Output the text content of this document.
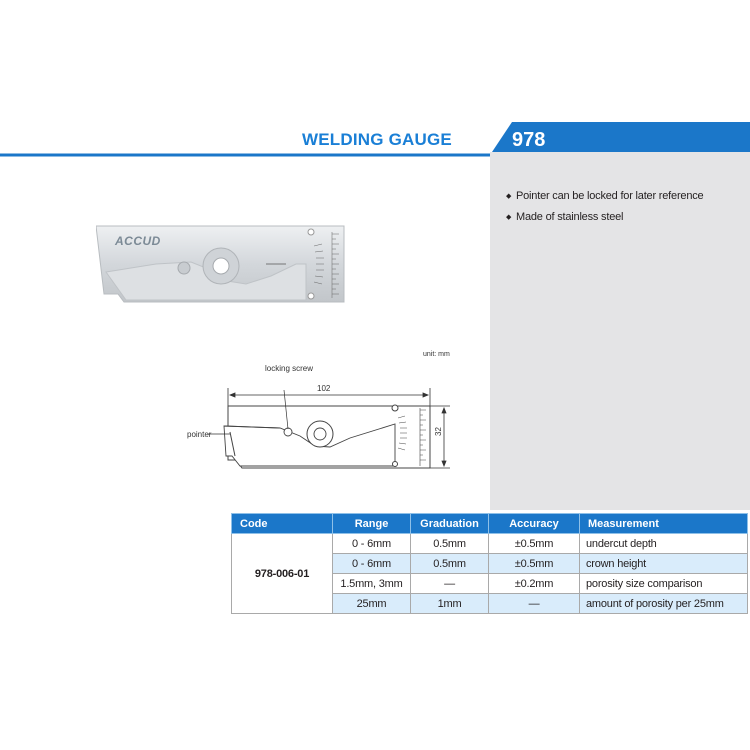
WELDING GAUGE	978
◆ Pointer can be locked for later reference
◆ Made of stainless steel
ACCUD
unit: mm
locking screw
pointer
102
32
Code	Range	Graduation	Accuracy	Measurement
978-006-01	0 - 6mm	0.5mm	±0.5mm	undercut depth
	0 - 6mm	0.5mm	±0.5mm	crown height
	1.5mm, 3mm	—	±0.2mm	porosity size comparison
	25mm	1mm	—	amount of porosity per 25mm
